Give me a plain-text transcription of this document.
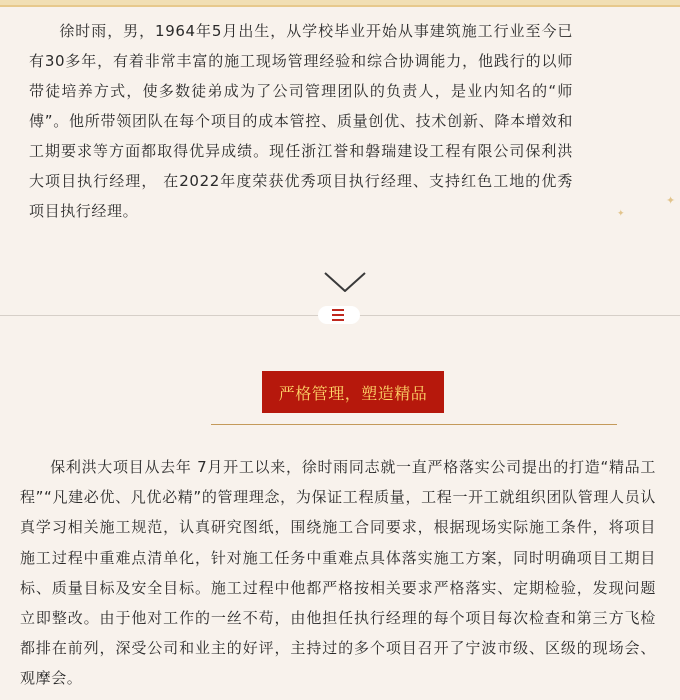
徐时雨，男，1964年5月出生，从学校毕业开始从事建筑施工行业至今已有30多年，有着非常丰富的施工现场管理经验和综合协调能力，他践行的以师带徒培养方式，使多数徒弟成为了公司管理团队的负责人，是业内知名的“师傅”。他所带领团队在每个项目的成本管控、质量创优、技术创新、降本增效和工期要求等方面都取得优异成绩。现任浙江誉和磐瑞建设工程有限公司保利洪大项目执行经理， 在2022年度荣获优秀项目执行经理、支持红色工地的优秀项目执行经理。

✦
✦
严格管理，塑造精品

保利洪大项目从去年 7月开工以来，徐时雨同志就一直严格落实公司提出的打造“精品工程”“凡建必优、凡优必精”的管理理念，为保证工程质量，工程一开工就组织团队管理人员认真学习相关施工规范，认真研究图纸，围绕施工合同要求，根据现场实际施工条件，将项目施工过程中重难点清单化，针对施工任务中重难点具体落实施工方案，同时明确项目工期目标、质量目标及安全目标。施工过程中他都严格按相关要求严格落实、定期检验，发现问题立即整改。由于他对工作的一丝不苟，由他担任执行经理的每个项目每次检查和第三方飞检都排在前列，深受公司和业主的好评，主持过的多个项目召开了宁波市级、区级的现场会、观摩会。
